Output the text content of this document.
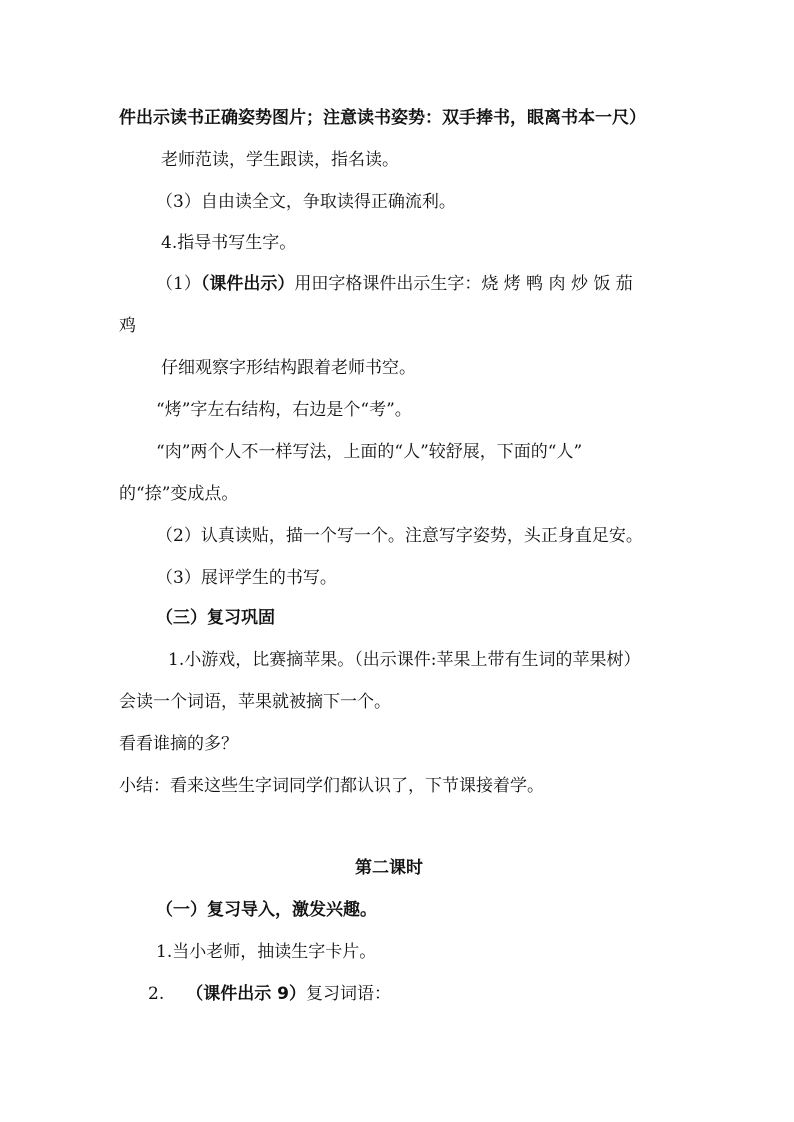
件出示读书正确姿势图片；注意读书姿势：双手捧书，眼离书本一尺）
老师范读，学生跟读，指名读。
（3）自由读全文，争取读得正确流利。
4.指导书写生字。
（1）（课件出示）用田字格课件出示生字：烧 烤 鸭 肉 炒 饭 茄
鸡
仔细观察字形结构跟着老师书空。
“烤”字左右结构，右边是个“考”。
“肉”两个人不一样写法，上面的“人”较舒展，下面的“人”
的“捺”变成点。
（2）认真读贴，描一个写一个。注意写字姿势，头正身直足安。
（3）展评学生的书写。
（三）复习巩固
1.小游戏，比赛摘苹果。（出示课件:苹果上带有生词的苹果树）
会读一个词语，苹果就被摘下一个。
看看谁摘的多？
小结：看来这些生字词同学们都认识了，下节课接着学。
第二课时
（一）复习导入，激发兴趣。
1.当小老师，抽读生字卡片。
2. （课件出示 9）复习词语：
